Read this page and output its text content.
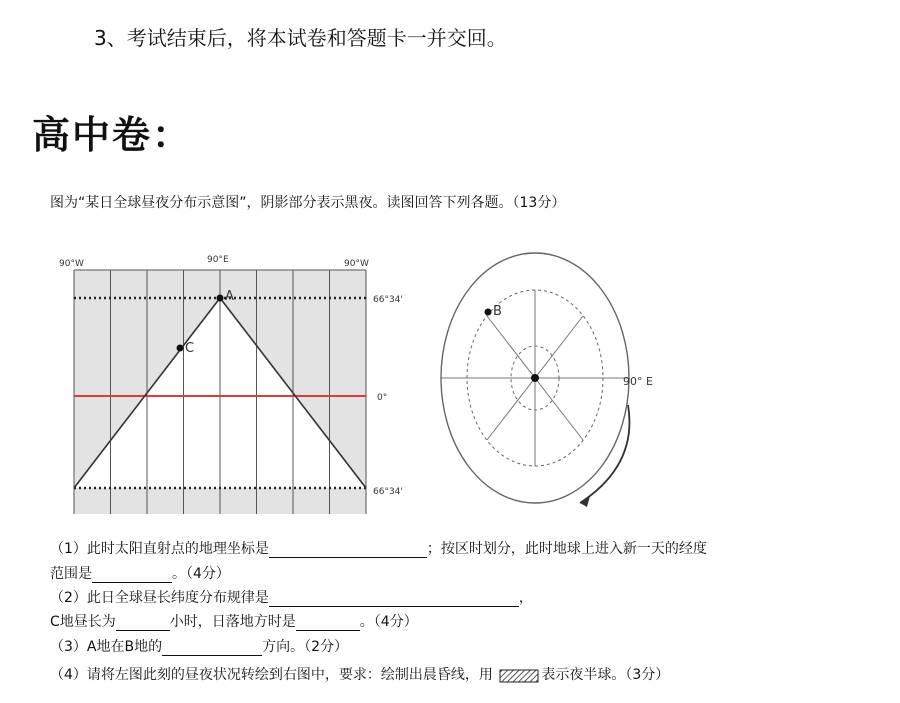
3、考试结束后，将本试卷和答题卡一并交回。
高中卷：
图为“某日全球昼夜分布示意图”，阴影部分表示黑夜。读图回答下列各题。（13分）
A
C
90°W	90°E	90°W
66°34'
0°
66°34'
B
90° E
（1）此时太阳直射点的地理坐标是	；按区时划分，此时地球上进入新一天的经度
范围是	。（4分）
（2）此日全球昼长纬度分布规律是	，
C地昼长为	小时，日落地方时是	。（4分）
（3）A地在B地的	方向。（2分）
（4）请将左图此刻的昼夜状况转绘到右图中，要求：绘制出晨昏线，用	表示夜半球。（3分）
